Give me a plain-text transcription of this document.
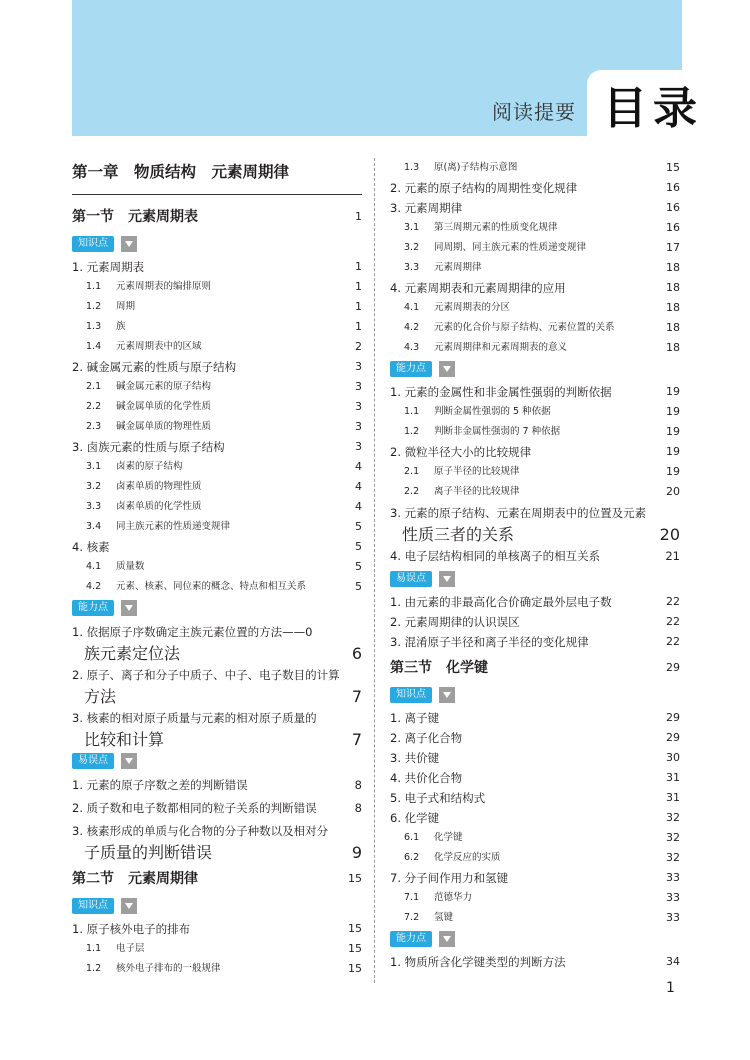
阅读提要 目录
第一章　物质结构　元素周期律
第一节　元素周期表	1
知识点
1. 元素周期表	1
1.1 元素周期表的编排原则	1
1.2 周期	1
1.3 族	1
1.4 元素周期表中的区域	2
2. 碱金属元素的性质与原子结构	3
2.1 碱金属元素的原子结构	3
2.2 碱金属单质的化学性质	3
2.3 碱金属单质的物理性质	3
3. 卤族元素的性质与原子结构	3
3.1 卤素的原子结构	4
3.2 卤素单质的物理性质	4
3.3 卤素单质的化学性质	4
3.4 同主族元素的性质递变规律	5
4. 核素	5
4.1 质量数	5
4.2 元素、核素、同位素的概念、特点和相互关系	5
能力点
1. 依据原子序数确定主族元素位置的方法——0
族元素定位法	6
2. 原子、离子和分子中质子、中子、电子数目的计算
方法	7
3. 核素的相对原子质量与元素的相对原子质量的
比较和计算	7
易误点
1. 元素的原子序数之差的判断错误	8
2. 质子数和电子数都相同的粒子关系的判断错误	8
3. 核素形成的单质与化合物的分子种数以及相对分
子质量的判断错误	9
第二节　元素周期律	15
知识点
1. 原子核外电子的排布	15
1.1 电子层	15
1.2 核外电子排布的一般规律	15
1.3 原(离)子结构示意图	15
2. 元素的原子结构的周期性变化规律	16
3. 元素周期律	16
3.1 第三周期元素的性质变化规律	16
3.2 同周期、同主族元素的性质递变规律	17
3.3 元素周期律	18
4. 元素周期表和元素周期律的应用	18
4.1 元素周期表的分区	18
4.2 元素的化合价与原子结构、元素位置的关系	18
4.3 元素周期律和元素周期表的意义	18
能力点
1. 元素的金属性和非金属性强弱的判断依据	19
1.1 判断金属性强弱的 5 种依据	19
1.2 判断非金属性强弱的 7 种依据	19
2. 微粒半径大小的比较规律	19
2.1 原子半径的比较规律	19
2.2 离子半径的比较规律	20
3. 元素的原子结构、元素在周期表中的位置及元素
性质三者的关系	20
4. 电子层结构相同的单核离子的相互关系	21
易误点
1. 由元素的非最高化合价确定最外层电子数	22
2. 元素周期律的认识误区	22
3. 混淆原子半径和离子半径的变化规律	22
第三节　化学键	29
知识点
1. 离子键	29
2. 离子化合物	29
3. 共价键	30
4. 共价化合物	31
5. 电子式和结构式	31
6. 化学键	32
6.1 化学键	32
6.2 化学反应的实质	32
7. 分子间作用力和氢键	33
7.1 范德华力	33
7.2 氢键	33
能力点
1. 物质所含化学键类型的判断方法	34
1
